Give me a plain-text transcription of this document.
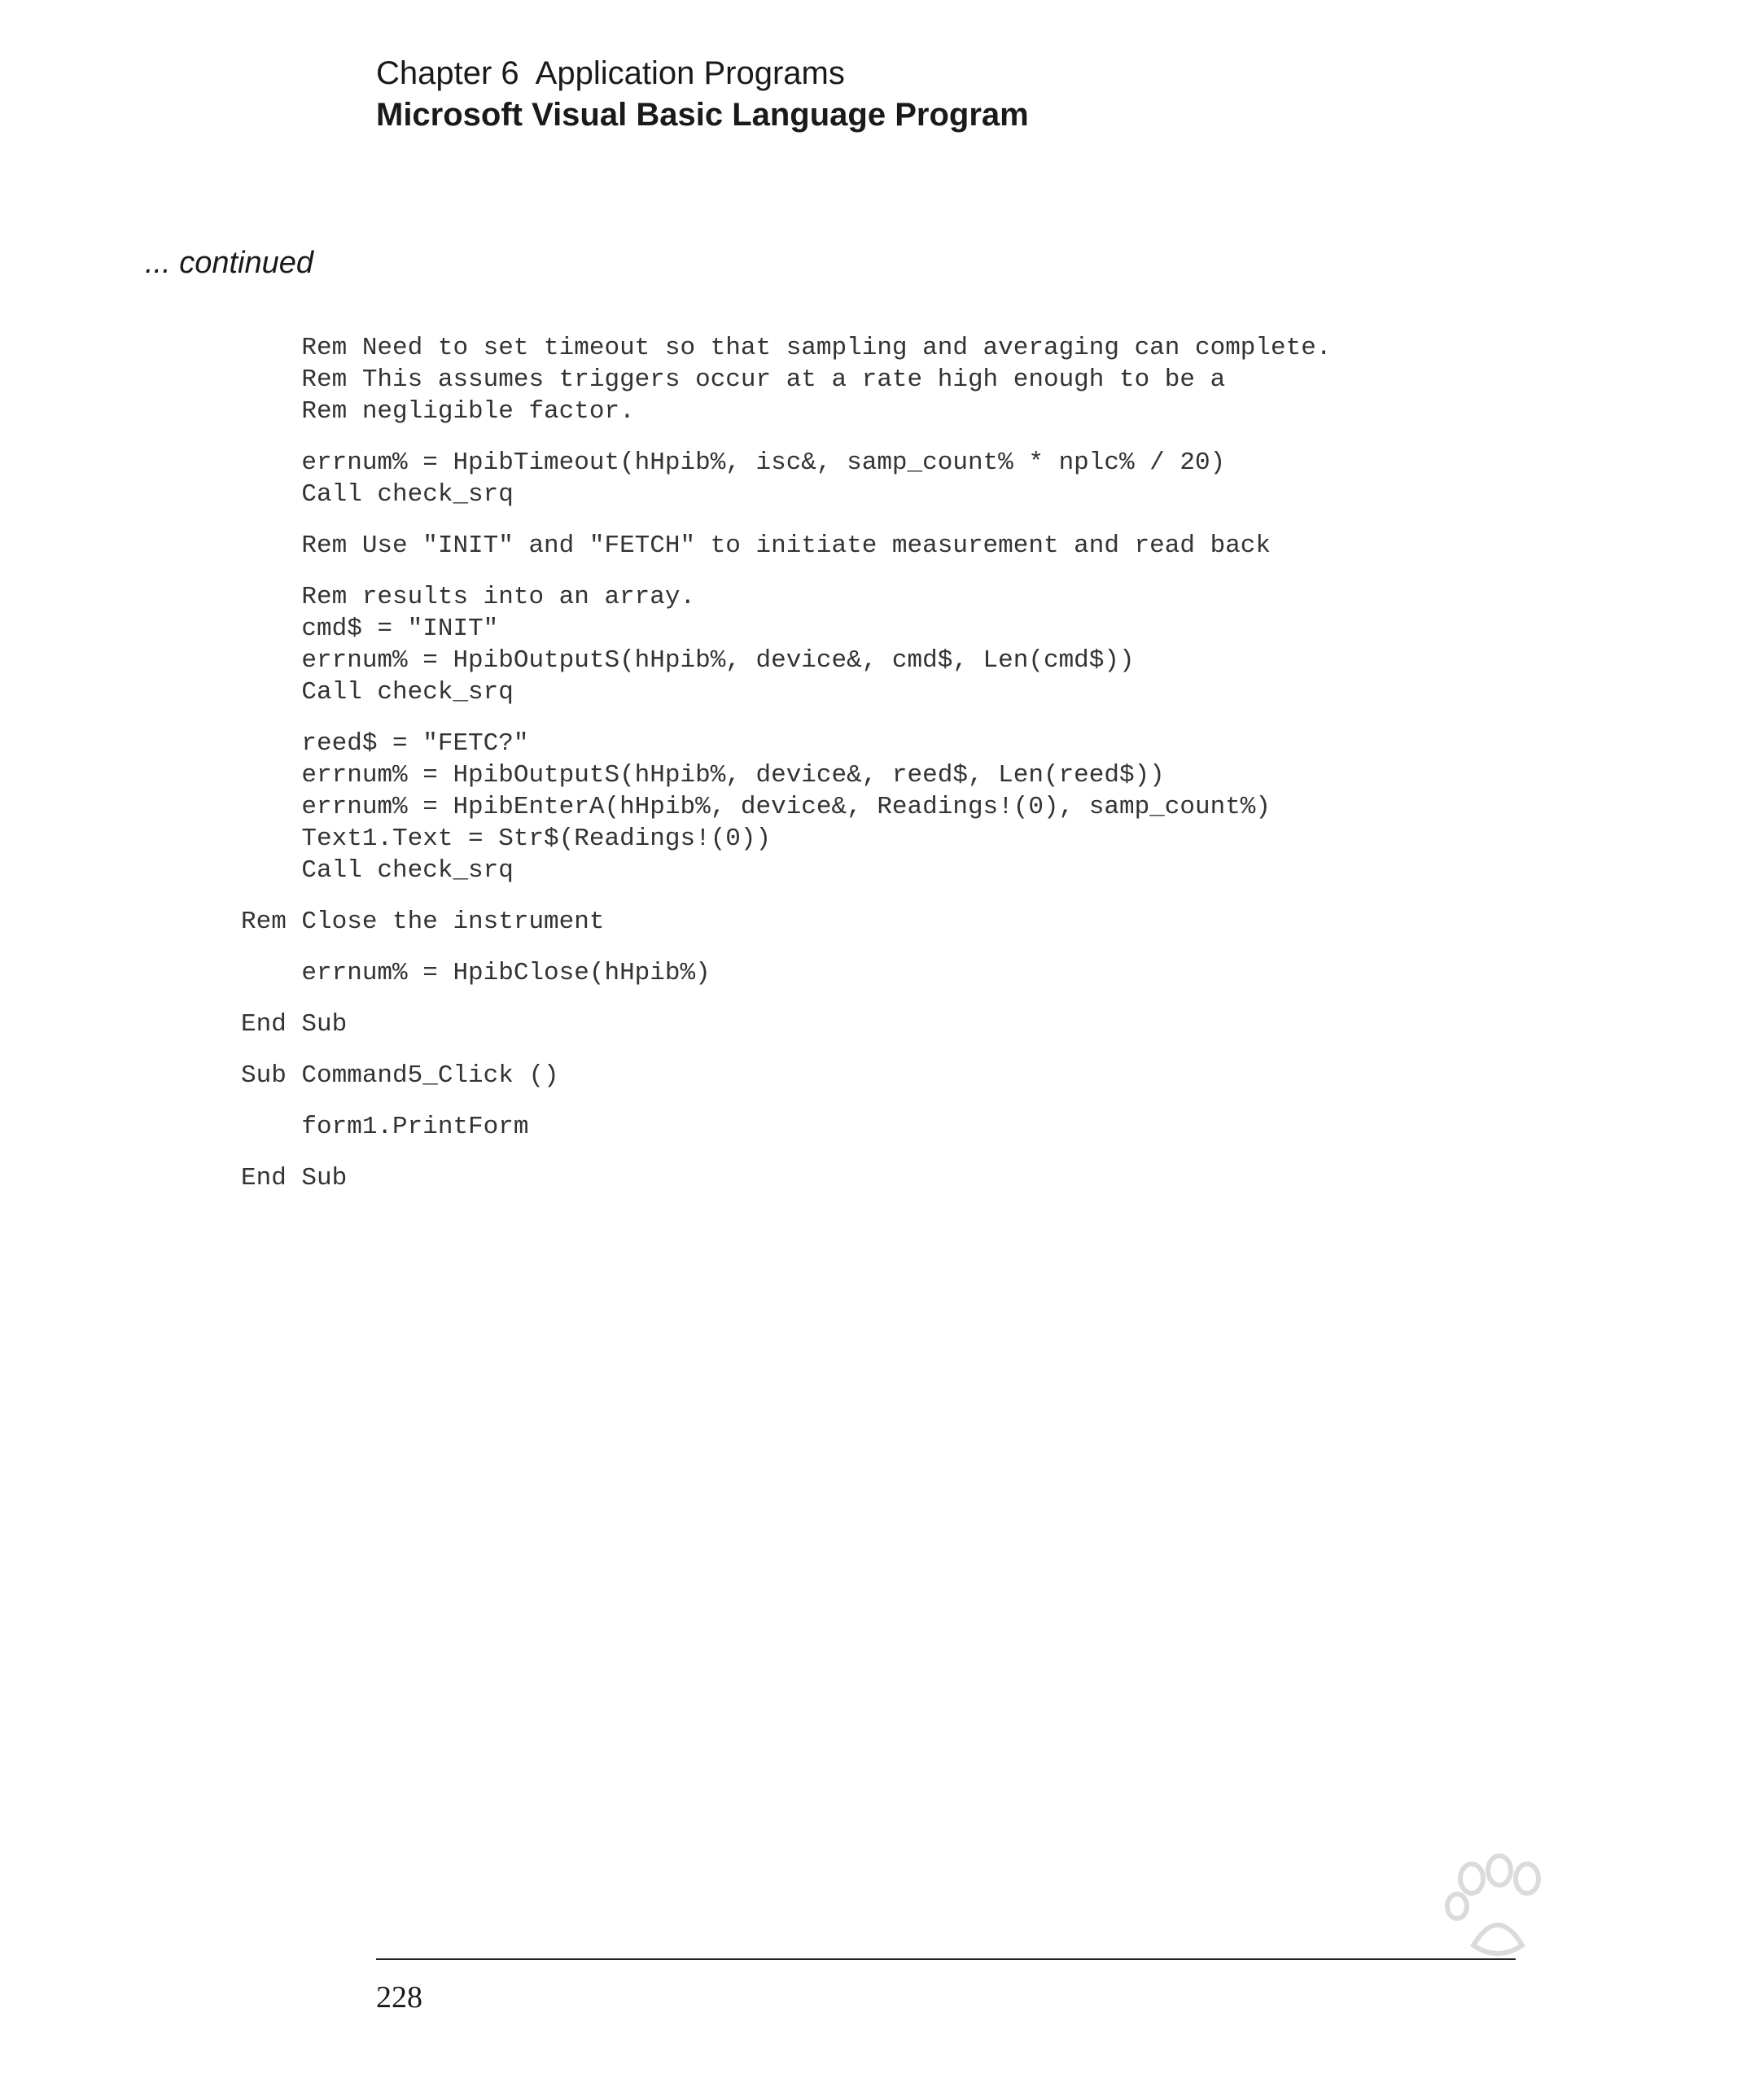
Chapter 6  Application Programs
Microsoft Visual Basic Language Program
... continued
Rem Need to set timeout so that sampling and averaging can complete.
Rem This assumes triggers occur at a rate high enough to be a
Rem negligible factor.
errnum% = HpibTimeout(hHpib%, isc&, samp_count% * nplc% / 20)
Call check_srq
Rem Use "INIT" and "FETCH" to initiate measurement and read back
Rem results into an array.
cmd$ = "INIT"
errnum% = HpibOutputS(hHpib%, device&, cmd$, Len(cmd$))
Call check_srq
reed$ = "FETC?"
errnum% = HpibOutputS(hHpib%, device&, reed$, Len(reed$))
errnum% = HpibEnterA(hHpib%, device&, Readings!(0), samp_count%)
Text1.Text = Str$(Readings!(0))
Call check_srq
Rem Close the instrument
errnum% = HpibClose(hHpib%)
End Sub
Sub Command5_Click ()
form1.PrintForm
End Sub
228
